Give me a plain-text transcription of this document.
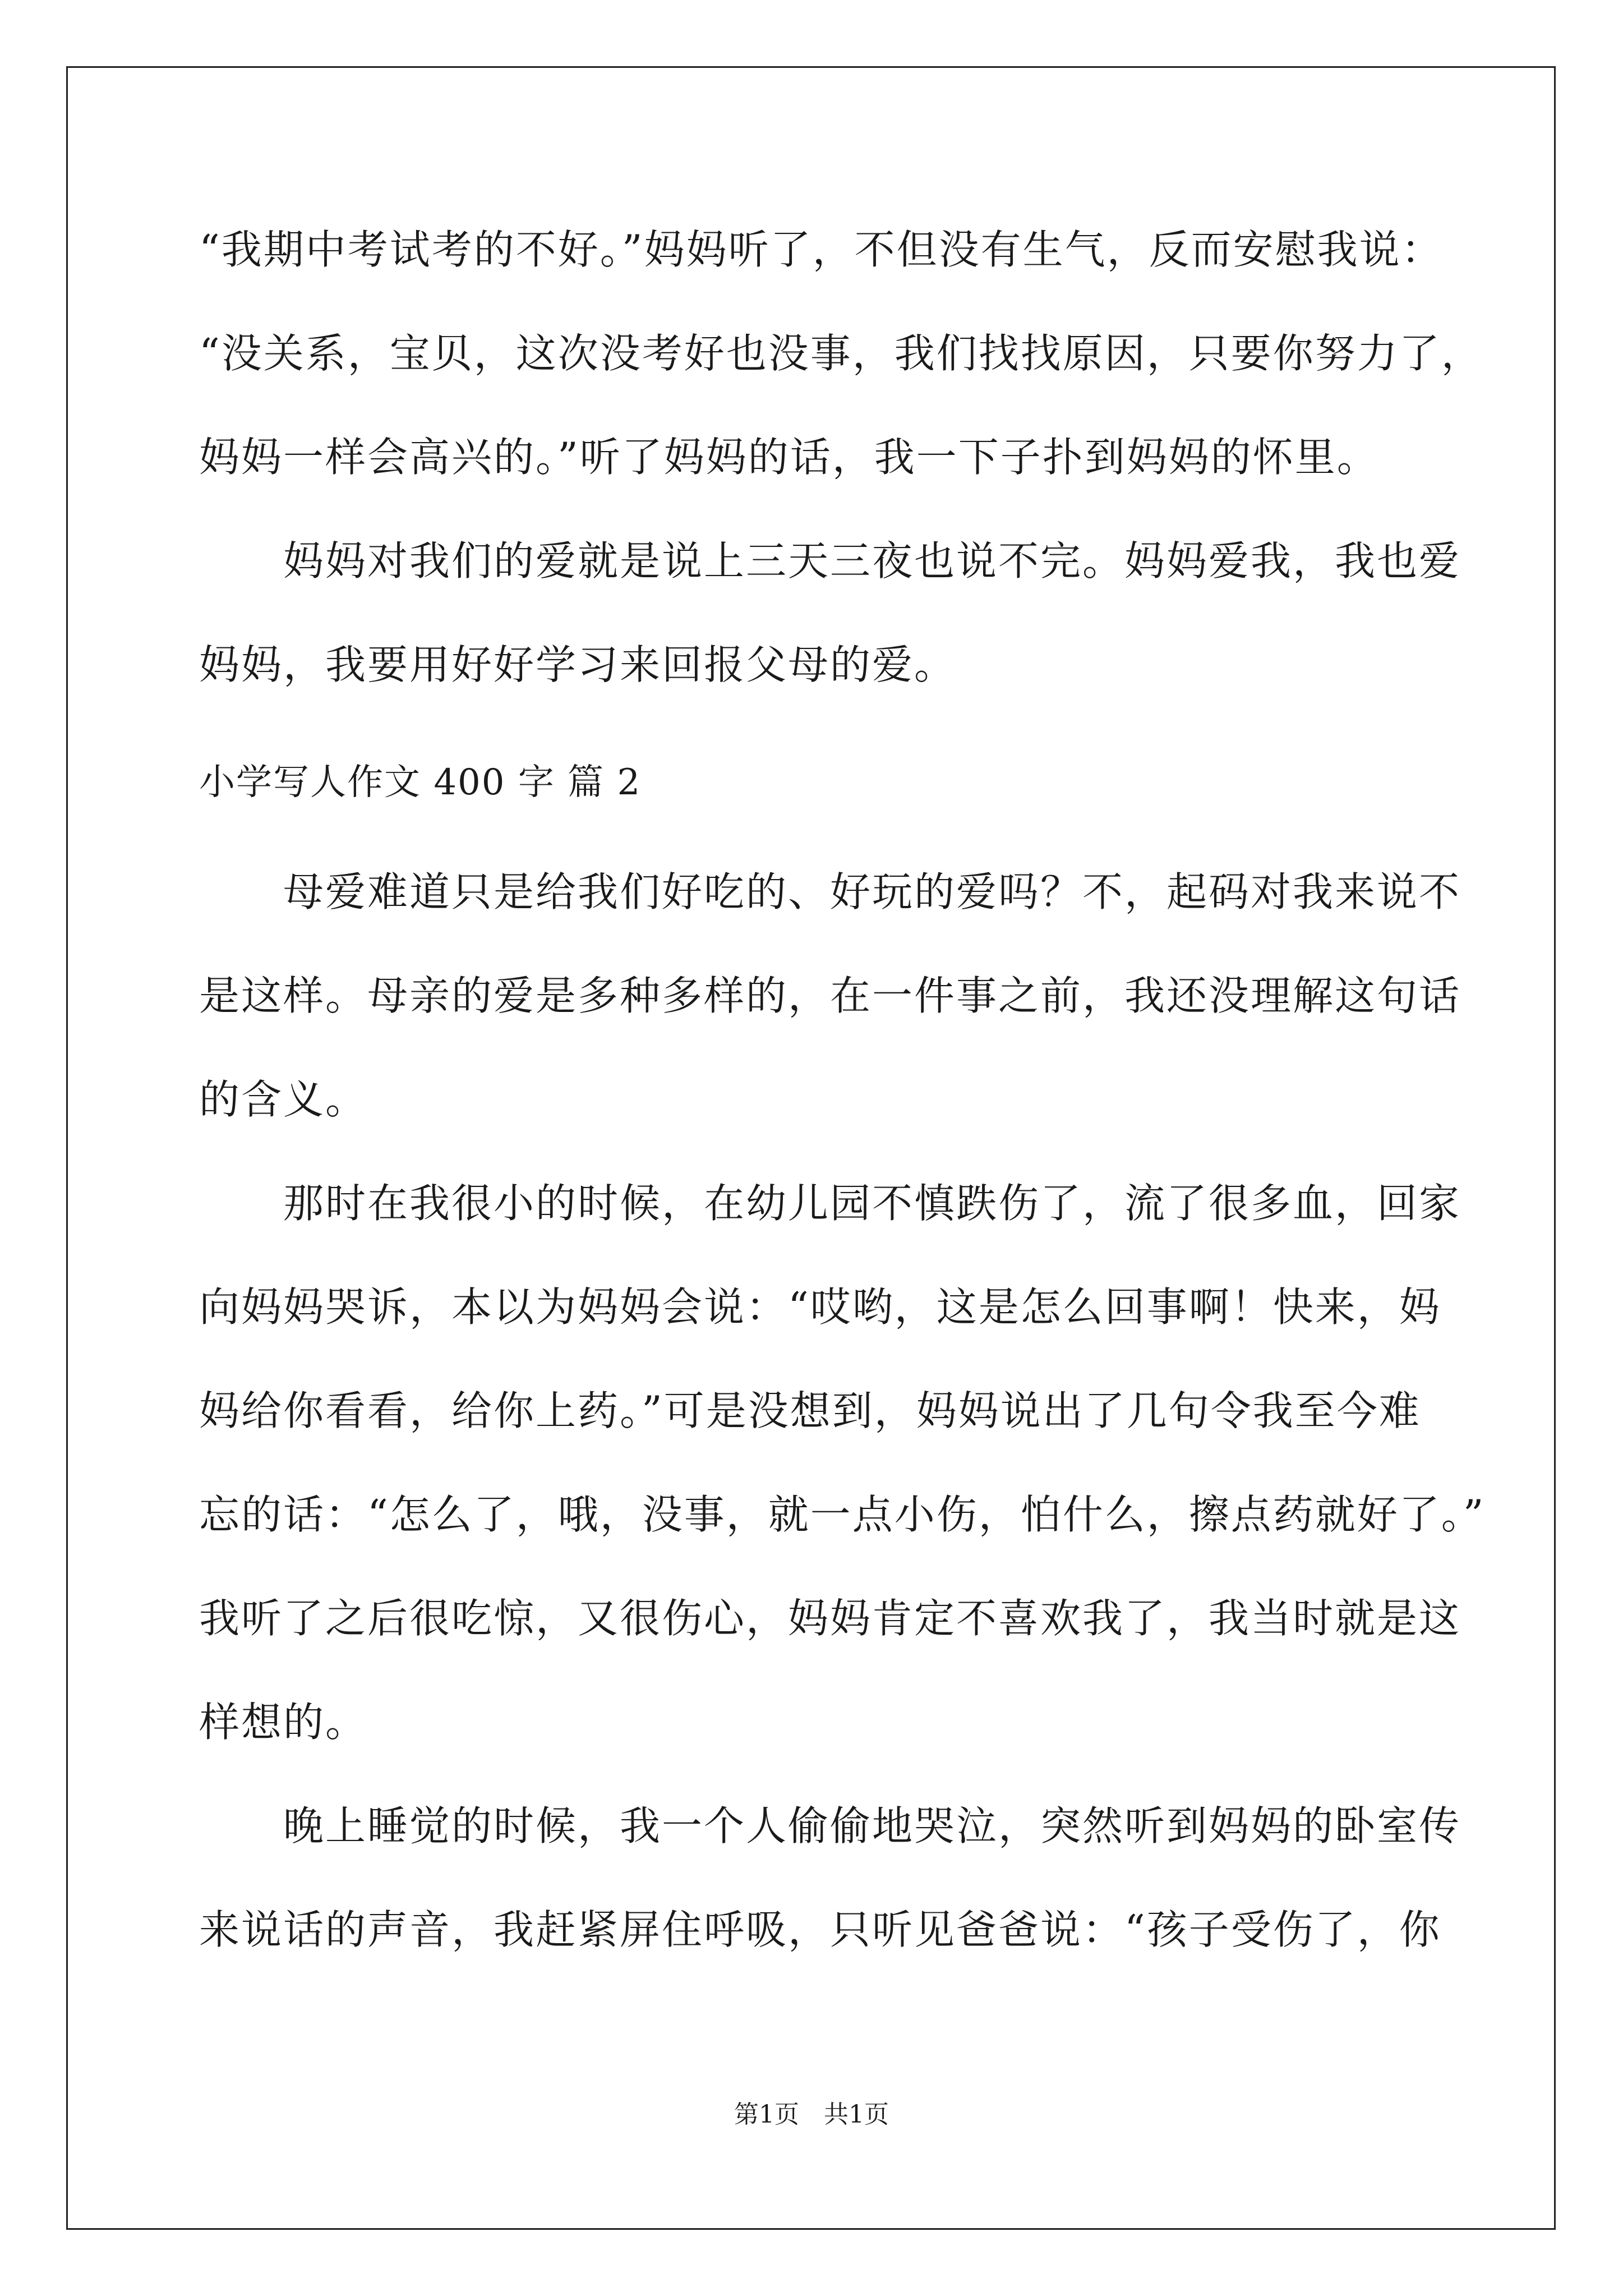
“我期中考试考的不好。”妈妈听了，不但没有生气，反而安慰我说：
“没关系，宝贝，这次没考好也没事，我们找找原因，只要你努力了，
妈妈一样会高兴的。”听了妈妈的话，我一下子扑到妈妈的怀里。
　　妈妈对我们的爱就是说上三天三夜也说不完。妈妈爱我，我也爱
妈妈，我要用好好学习来回报父母的爱。
小学写人作文 400 字 篇 2
　　母爱难道只是给我们好吃的、好玩的爱吗？不，起码对我来说不
是这样。母亲的爱是多种多样的，在一件事之前，我还没理解这句话
的含义。
　　那时在我很小的时候，在幼儿园不慎跌伤了，流了很多血，回家
向妈妈哭诉，本以为妈妈会说：“哎哟，这是怎么回事啊！快来，妈
妈给你看看，给你上药。”可是没想到，妈妈说出了几句令我至今难
忘的话：“怎么了，哦，没事，就一点小伤，怕什么，擦点药就好了。”
我听了之后很吃惊，又很伤心，妈妈肯定不喜欢我了，我当时就是这
样想的。
　　晚上睡觉的时候，我一个人偷偷地哭泣，突然听到妈妈的卧室传
来说话的声音，我赶紧屏住呼吸，只听见爸爸说：“孩子受伤了，你
第1页　共1页
